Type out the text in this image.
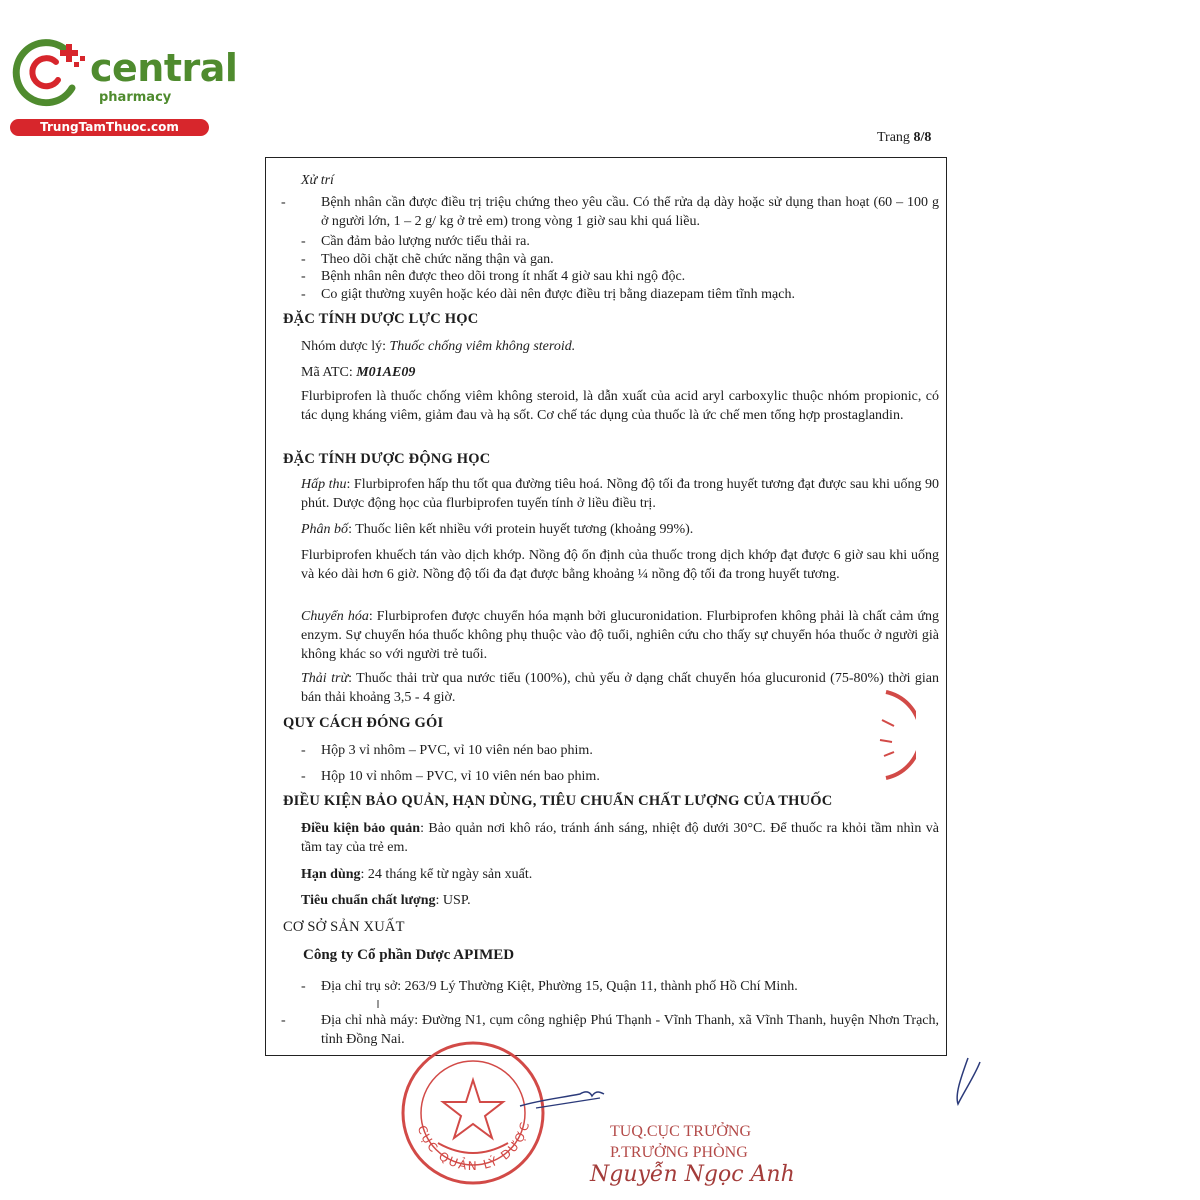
central
pharmacy
TrungTamThuoc.com
Trang 8/8
Xử trí
-	Bệnh nhân cần được điều trị triệu chứng theo yêu cầu. Có thể rửa dạ dày hoặc sử dụng than hoạt (60 – 100 g ở người lớn, 1 – 2 g/ kg ở trẻ em) trong vòng 1 giờ sau khi quá liều.
- Cần đảm bảo lượng nước tiểu thải ra.
- Theo dõi chặt chẽ chức năng thận và gan.
- Bệnh nhân nên được theo dõi trong ít nhất 4 giờ sau khi ngộ độc.
- Co giật thường xuyên hoặc kéo dài nên được điều trị bằng diazepam tiêm tĩnh mạch.
ĐẶC TÍNH DƯỢC LỰC HỌC
Nhóm dược lý: Thuốc chống viêm không steroid.
Mã ATC: M01AE09
Flurbiprofen là thuốc chống viêm không steroid, là dẫn xuất của acid aryl carboxylic thuộc nhóm propionic, có tác dụng kháng viêm, giảm đau và hạ sốt. Cơ chế tác dụng của thuốc là ức chế men tổng hợp prostaglandin.
ĐẶC TÍNH DƯỢC ĐỘNG HỌC
Hấp thu: Flurbiprofen hấp thu tốt qua đường tiêu hoá. Nồng độ tối đa trong huyết tương đạt được sau khi uống 90 phút. Dược động học của flurbiprofen tuyến tính ở liều điều trị.
Phân bố: Thuốc liên kết nhiều với protein huyết tương (khoảng 99%).
Flurbiprofen khuếch tán vào dịch khớp. Nồng độ ổn định của thuốc trong dịch khớp đạt được 6 giờ sau khi uống và kéo dài hơn 6 giờ. Nồng độ tối đa đạt được bằng khoảng ¼ nồng độ tối đa trong huyết tương.
Chuyển hóa: Flurbiprofen được chuyển hóa mạnh bởi glucuronidation. Flurbiprofen không phải là chất cảm ứng enzym. Sự chuyển hóa thuốc không phụ thuộc vào độ tuổi, nghiên cứu cho thấy sự chuyển hóa thuốc ở người già không khác so với người trẻ tuổi.
Thải trừ: Thuốc thải trừ qua nước tiểu (100%), chủ yếu ở dạng chất chuyển hóa glucuronid (75-80%) thời gian bán thải khoảng 3,5 - 4 giờ.
QUY CÁCH ĐÓNG GÓI
- Hộp 3 vỉ nhôm – PVC, vỉ 10 viên nén bao phim.
- Hộp 10 vỉ nhôm – PVC, vỉ 10 viên nén bao phim.
ĐIỀU KIỆN BẢO QUẢN, HẠN DÙNG, TIÊU CHUẨN CHẤT LƯỢNG CỦA THUỐC
Điều kiện bảo quản: Bảo quản nơi khô ráo, tránh ánh sáng, nhiệt độ dưới 30°C. Để thuốc ra khỏi tầm nhìn và tầm tay của trẻ em.
Hạn dùng: 24 tháng kể từ ngày sản xuất.
Tiêu chuẩn chất lượng: USP.
CƠ SỞ SẢN XUẤT
Công ty Cổ phần Dược APIMED
- Địa chỉ trụ sở: 263/9 Lý Thường Kiệt, Phường 15, Quận 11, thành phố Hồ Chí Minh.
-	Địa chỉ nhà máy: Đường N1, cụm công nghiệp Phú Thạnh - Vĩnh Thanh, xã Vĩnh Thanh, huyện Nhơn Trạch, tỉnh Đồng Nai.
CỤC QUẢN LÝ DƯỢC	TUQ.CỤC TRƯỞNG
P.TRƯỞNG PHÒNG
Nguyễn Ngọc Anh
